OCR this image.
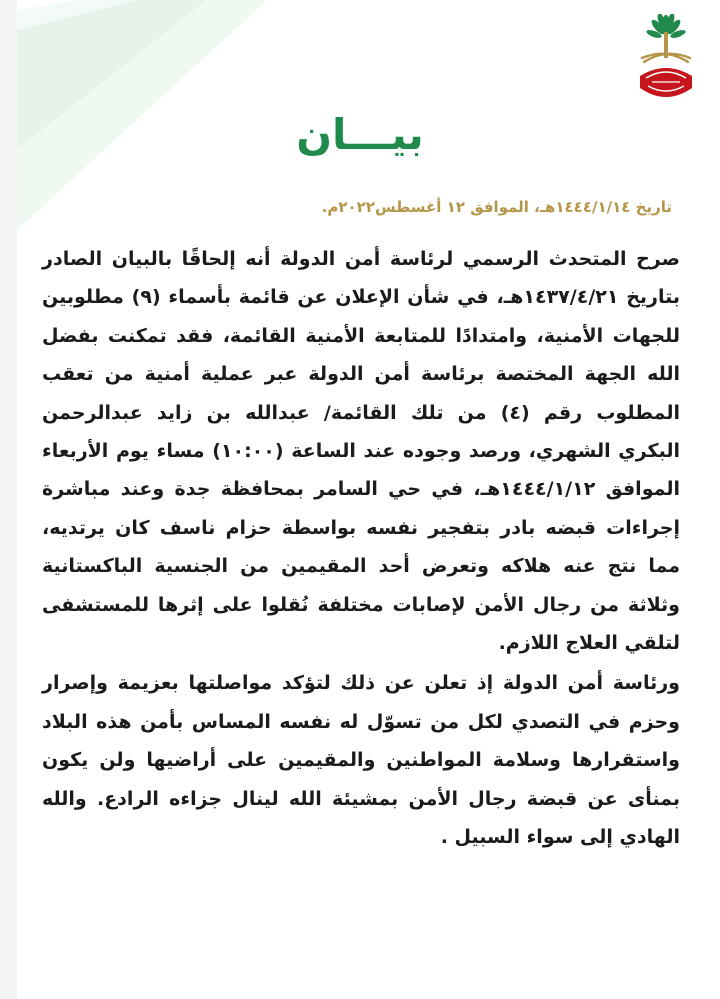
بيـــان
تاريخ ١٤٤٤/١/١٤هـ، الموافق ١٢ أغسطس٢٠٢٢م.

صرح المتحدث الرسمي لرئاسة أمن الدولة أنه إلحاقًا بالبيان الصادر بتاريخ ١٤٣٧/٤/٢١هـ، في شأن الإعلان عن قائمة بأسماء (٩) مطلوبين للجهات الأمنية، وامتدادًا للمتابعة الأمنية القائمة، فقد تمكنت بفضل الله الجهة المختصة برئاسة أمن الدولة عبر عملية أمنية من تعقب المطلوب رقم (٤) من تلك القائمة/ عبدالله بن زايد عبدالرحمن البكري الشهري، ورصد وجوده عند الساعة (١٠:٠٠) مساء يوم الأربعاء الموافق ١٤٤٤/١/١٢هـ، في حي السامر بمحافظة جدة وعند مباشرة إجراءات قبضه بادر بتفجير نفسه بواسطة حزام ناسف كان يرتديه، مما نتج عنه هلاكه وتعرض أحد المقيمين من الجنسية الباكستانية وثلاثة من رجال الأمن لإصابات مختلفة نُقلوا على إثرها للمستشفى لتلقي العلاج اللازم.

ورئاسة أمن الدولة إذ تعلن عن ذلك لتؤكد مواصلتها بعزيمة وإصرار وحزم في التصدي لكل من تسوّل له نفسه المساس بأمن هذه البلاد واستقرارها وسلامة المواطنين والمقيمين على أراضيها ولن يكون بمنأى عن قبضة رجال الأمن بمشيئة الله لينال جزاءه الرادع. والله الهادي إلى سواء السبيل .
